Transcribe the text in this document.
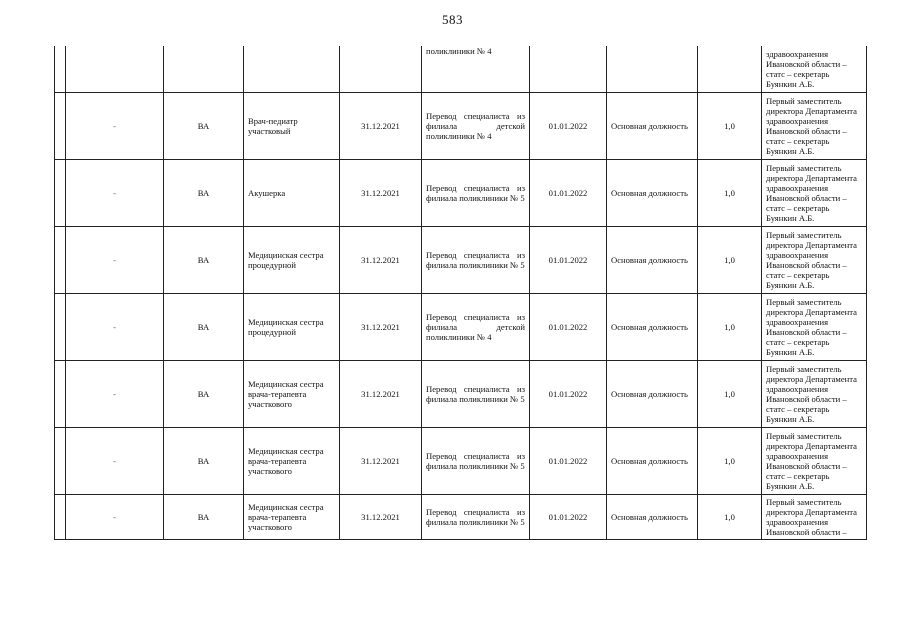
583
					поликлиники № 4				здравоохранения
Ивановской области –
статс – секретарь
Буянкин А.Б.
	-	ВА	Врач-педиатр участковый	31.12.2021	Перевод специалиста из филиала детской поликлиники № 4	01.01.2022	Основная должность	1,0	Первый заместитель директора Департамента здравоохранения Ивановской области – статс – секретарь Буянкин А.Б.
	-	ВА	Акушерка	31.12.2021	Перевод специалиста из филиала поликлиники № 5	01.01.2022	Основная должность	1,0	Первый заместитель директора Департамента здравоохранения Ивановской области – статс – секретарь Буянкин А.Б.
	-	ВА	Медицинская сестра процедурной	31.12.2021	Перевод специалиста из филиала поликлиники № 5	01.01.2022	Основная должность	1,0	Первый заместитель директора Департамента здравоохранения Ивановской области – статс – секретарь Буянкин А.Б.
	-	ВА	Медицинская сестра процедурной	31.12.2021	Перевод специалиста из филиала детской поликлиники № 4	01.01.2022	Основная должность	1,0	Первый заместитель директора Департамента здравоохранения Ивановской области – статс – секретарь Буянкин А.Б.
	-	ВА	Медицинская сестра врача-терапевта участкового	31.12.2021	Перевод специалиста из филиала поликлиники № 5	01.01.2022	Основная должность	1,0	Первый заместитель директора Департамента здравоохранения Ивановской области – статс – секретарь Буянкин А.Б.
	-	ВА	Медицинская сестра врача-терапевта участкового	31.12.2021	Перевод специалиста из филиала поликлиники № 5	01.01.2022	Основная должность	1,0	Первый заместитель директора Департамента здравоохранения Ивановской области – статс – секретарь Буянкин А.Б.
	-	ВА	Медицинская сестра врача-терапевта участкового	31.12.2021	Перевод специалиста из филиала поликлиники № 5	01.01.2022	Основная должность	1,0	Первый заместитель директора Департамента здравоохранения Ивановской области –
